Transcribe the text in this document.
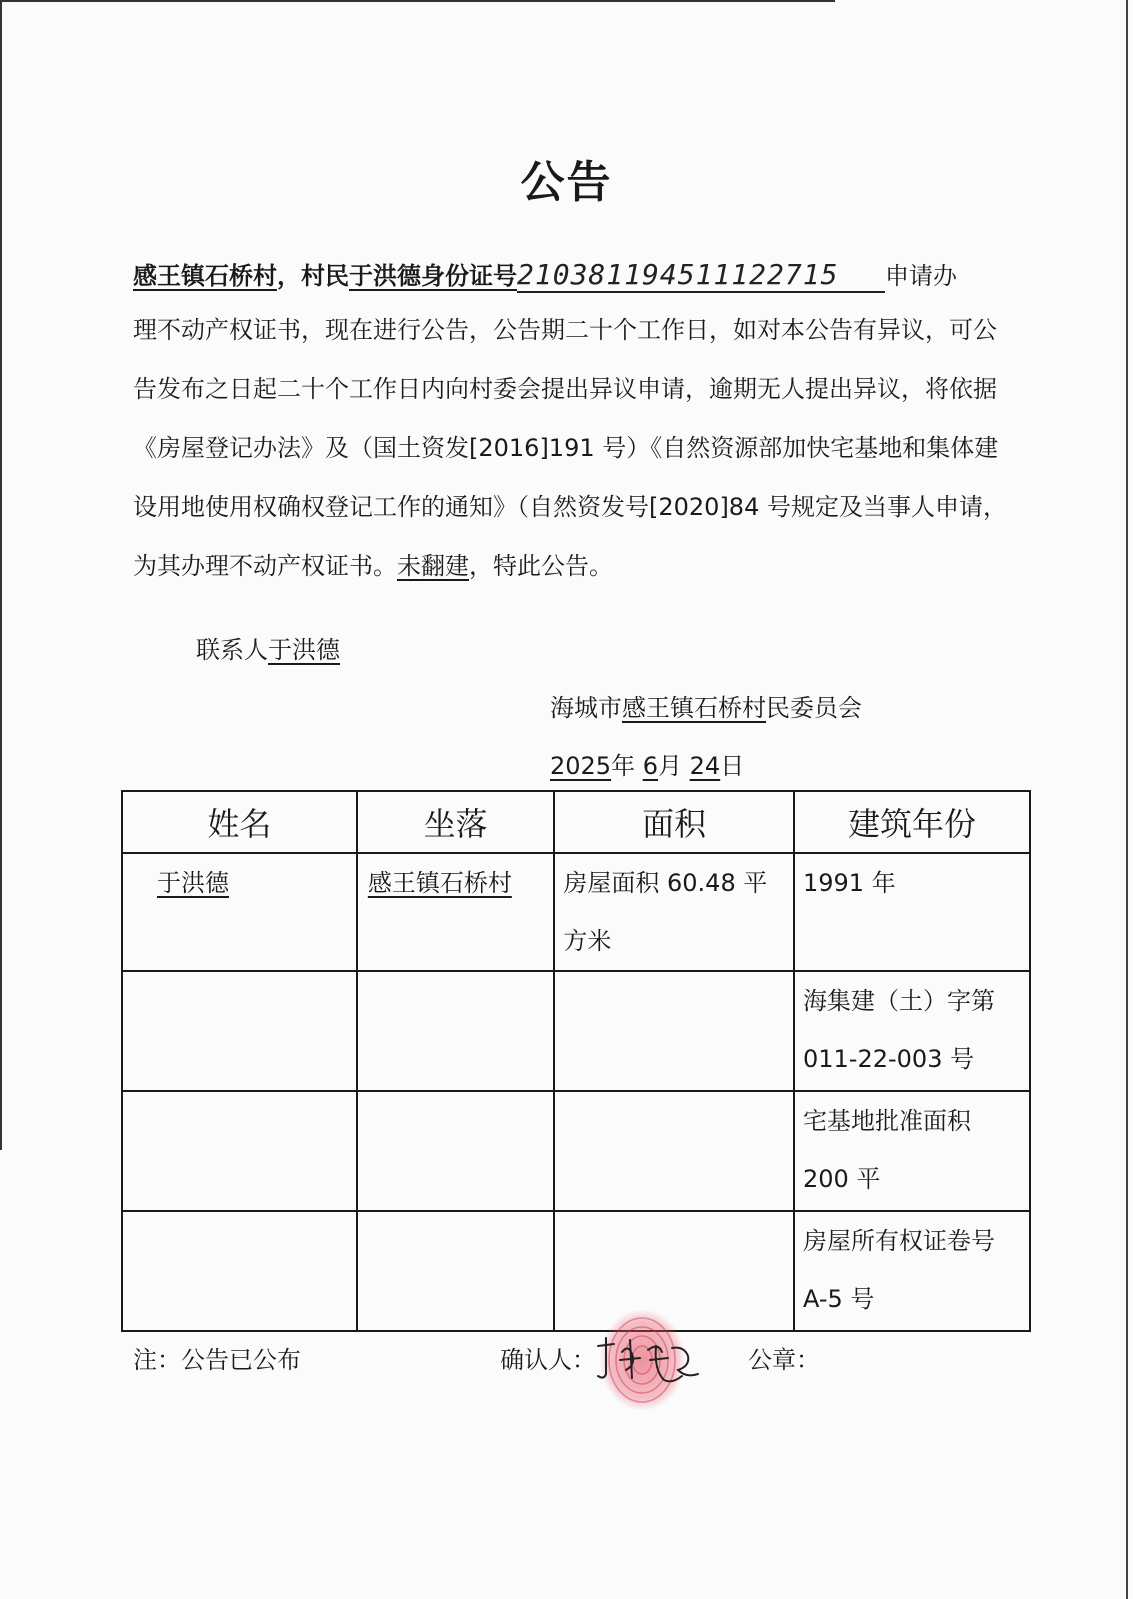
公告
感王镇石桥村，村民于洪德身份证号210381194511122715 申请办
理不动产权证书，现在进行公告，公告期二十个工作日，如对本公告有异议，可公告发布之日起二十个工作日内向村委会提出异议申请，逾期无人提出异议，将依据《房屋登记办法》及（国土资发[2016]191 号）《自然资源部加快宅基地和集体建设用地使用权确权登记工作的通知》（自然资发号[2020]84 号规定及当事人申请，为其办理不动产权证书。未翻建，特此公告。
联系人于洪德
海城市感王镇石桥村民委员会
2025年 6月 24日
姓名	坐落	面积	建筑年份
于洪德	感王镇石桥村	房屋面积 60.48 平方米	1991 年
			海集建（土）字第 011-22-003 号
			宅基地批准面积 200 平
			房屋所有权证卷号 A-5 号
注：公告已公布	确认人：	公章：
